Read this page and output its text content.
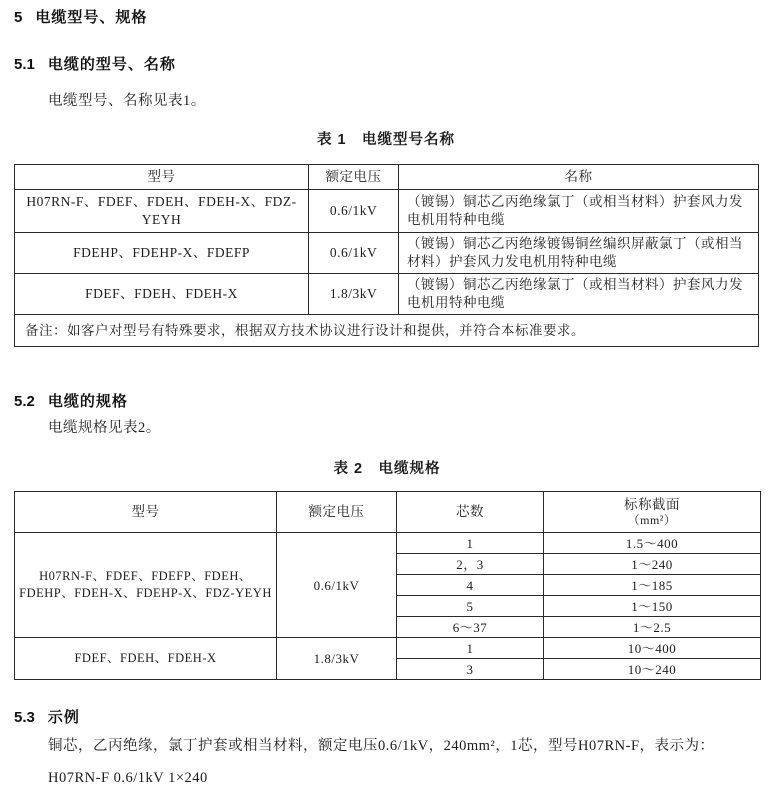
5 电缆型号、规格
5.1 电缆的型号、名称
电缆型号、名称见表1。
表 1　电缆型号名称
型号	额定电压	名称
H07RN-F、FDEF、FDEH、FDEH-X、FDZ-YEYH	0.6/1kV	（镀锡）铜芯乙丙绝缘氯丁（或相当材料）护套风力发电机用特种电缆
FDEHP、FDEHP-X、FDEFP	0.6/1kV	（镀锡）铜芯乙丙绝缘镀锡铜丝编织屏蔽氯丁（或相当材料）护套风力发电机用特种电缆
FDEF、FDEH、FDEH-X	1.8/3kV	（镀锡）铜芯乙丙绝缘氯丁（或相当材料）护套风力发电机用特种电缆
备注：如客户对型号有特殊要求，根据双方技术协议进行设计和提供，并符合本标准要求。		
5.2 电缆的规格
电缆规格见表2。
表 2　电缆规格
型号	额定电压	芯数	标称截面
（mm²）

H07RN-F、FDEF、FDEFP、FDEH、FDEHP、FDEH-X、FDEHP-X、FDZ-YEYH	0.6/1kV	1	1.5～400
		2，3	1～240
		4	1～185
		5	1～150
		6～37	1～2.5
FDEF、FDEH、FDEH-X	1.8/3kV	1	10～400
		3	10～240
5.3 示例
铜芯，乙丙绝缘，氯丁护套或相当材料，额定电压0.6/1kV，240mm²，1芯，型号H07RN-F，表示为：
H07RN-F 0.6/1kV 1×240
